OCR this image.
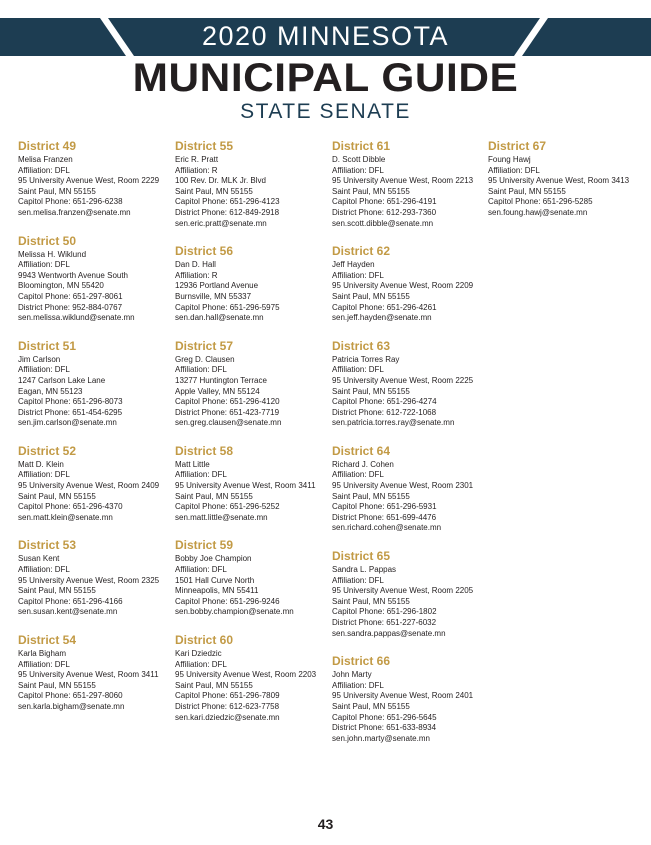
2020 MINNESOTA
MUNICIPAL GUIDE
STATE SENATE
District 49
Melisa Franzen
Affiliation: DFL
95 University Avenue West, Room 2229
Saint Paul, MN 55155
Capitol Phone: 651-296-6238
sen.melisa.franzen@senate.mn
District 50
Melissa H. Wiklund
Affiliation: DFL
9943 Wentworth Avenue South
Bloomington, MN 55420
Capitol Phone: 651-297-8061
District Phone: 952-884-0767
sen.melissa.wiklund@senate.mn
District 51
Jim Carlson
Affiliation: DFL
1247 Carlson Lake Lane
Eagan, MN 55123
Capitol Phone: 651-296-8073
District Phone: 651-454-6295
sen.jim.carlson@senate.mn
District 52
Matt D. Klein
Affiliation: DFL
95 University Avenue West, Room 2409
Saint Paul, MN 55155
Capitol Phone: 651-296-4370
sen.matt.klein@senate.mn
District 53
Susan Kent
Affiliation: DFL
95 University Avenue West, Room 2325
Saint Paul, MN 55155
Capitol Phone: 651-296-4166
sen.susan.kent@senate.mn
District 54
Karla Bigham
Affiliation: DFL
95 University Avenue West, Room 3411
Saint Paul, MN 55155
Capitol Phone: 651-297-8060
sen.karla.bigham@senate.mn
District 55
Eric R. Pratt
Affiliation: R
100 Rev. Dr. MLK Jr. Blvd
Saint Paul, MN 55155
Capitol Phone: 651-296-4123
District Phone: 612-849-2918
sen.eric.pratt@senate.mn
District 56
Dan D. Hall
Affiliation: R
12936 Portland Avenue
Burnsville, MN 55337
Capitol Phone: 651-296-5975
sen.dan.hall@senate.mn
District 57
Greg D. Clausen
Affiliation: DFL
13277 Huntington Terrace
Apple Valley, MN 55124
Capitol Phone: 651-296-4120
District Phone: 651-423-7719
sen.greg.clausen@senate.mn
District 58
Matt Little
Affiliation: DFL
95 University Avenue West, Room 3411
Saint Paul, MN 55155
Capitol Phone: 651-296-5252
sen.matt.little@senate.mn
District 59
Bobby Joe Champion
Affiliation: DFL
1501 Hall Curve North
Minneapolis, MN 55411
Capitol Phone: 651-296-9246
sen.bobby.champion@senate.mn
District 60
Kari Dziedzic
Affiliation: DFL
95 University Avenue West, Room 2203
Saint Paul, MN 55155
Capitol Phone: 651-296-7809
District Phone: 612-623-7758
sen.kari.dziedzic@senate.mn
District 61
D. Scott Dibble
Affiliation: DFL
95 University Avenue West, Room 2213
Saint Paul, MN 55155
Capitol Phone: 651-296-4191
District Phone: 612-293-7360
sen.scott.dibble@senate.mn
District 62
Jeff Hayden
Affiliation: DFL
95 University Avenue West, Room 2209
Saint Paul, MN 55155
Capitol Phone: 651-296-4261
sen.jeff.hayden@senate.mn
District 63
Patricia Torres Ray
Affiliation: DFL
95 University Avenue West, Room 2225
Saint Paul, MN 55155
Capitol Phone: 651-296-4274
District Phone: 612-722-1068
sen.patricia.torres.ray@senate.mn
District 64
Richard J. Cohen
Affiliation: DFL
95 University Avenue West, Room 2301
Saint Paul, MN 55155
Capitol Phone: 651-296-5931
District Phone: 651-699-4476
sen.richard.cohen@senate.mn
District 65
Sandra L. Pappas
Affiliation: DFL
95 University Avenue West, Room 2205
Saint Paul, MN 55155
Capitol Phone: 651-296-1802
District Phone: 651-227-6032
sen.sandra.pappas@senate.mn
District 66
John Marty
Affiliation: DFL
95 University Avenue West, Room 2401
Saint Paul, MN 55155
Capitol Phone: 651-296-5645
District Phone: 651-633-8934
sen.john.marty@senate.mn
District 67
Foung Hawj
Affiliation: DFL
95 University Avenue West, Room 3413
Saint Paul, MN 55155
Capitol Phone: 651-296-5285
sen.foung.hawj@senate.mn
43
